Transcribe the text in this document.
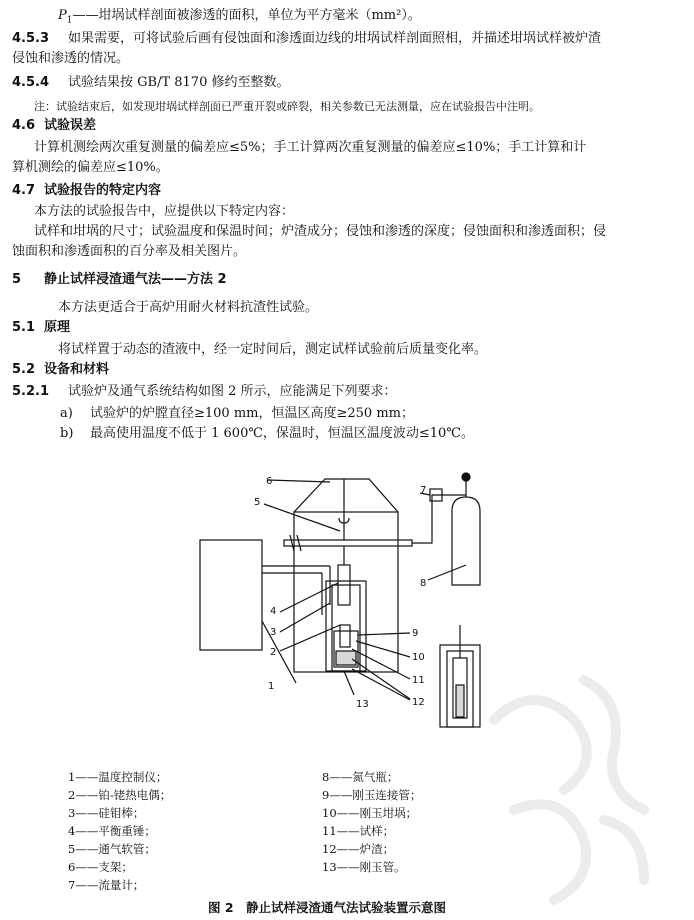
$P_1——$坩埚试样剖面被渗透的面积，单位为平方毫米（mm²）。
4.5.3 如果需要，可将试验后画有侵蚀面和渗透面边线的坩埚试样剖面照相，并描述坩埚试样被炉渣
侵蚀和渗透的情况。
4.5.4 试验结果按 GB/T 8170 修约至整数。
注：试验结束后，如发现坩埚试样剖面已严重开裂或碎裂，相关参数已无法测量，应在试验报告中注明。
4.6 试验误差
计算机测绘两次重复测量的偏差应≤5%；手工计算两次重复测量的偏差应≤10%；手工计算和计
算机测绘的偏差应≤10%。
4.7 试验报告的特定内容
本方法的试验报告中，应提供以下特定内容：
试样和坩埚的尺寸；试验温度和保温时间；炉渣成分；侵蚀和渗透的深度；侵蚀面积和渗透面积；侵
蚀面积和渗透面积的百分率及相关图片。
5 静止试样浸渣通气法——方法 2
本方法更适合于高炉用耐火材料抗渣性试验。
5.1 原理
将试样置于动态的渣液中，经一定时间后，测定试样试验前后质量变化率。
5.2 设备和材料
5.2.1 试验炉及通气系统结构如图 2 所示，应能满足下列要求：
a) 试验炉的炉膛直径≥100 mm，恒温区高度≥250 mm；
b) 最高使用温度不低于 1 600℃，保温时，恒温区温度波动≤10℃。
6
5
7
8
4
3
2
1
9
10
11
12
13
1——温度控制仪；
2——铂-铑热电偶；
3——硅钼棒；
4——平衡重锤；
5——通气软管；
6——支架；
7——流量计；
8——氮气瓶；
9——刚玉连接管；
10——刚玉坩埚；
11——试样；
12——炉渣；
13——刚玉管。
图 2　静止试样浸渣通气法试验装置示意图
